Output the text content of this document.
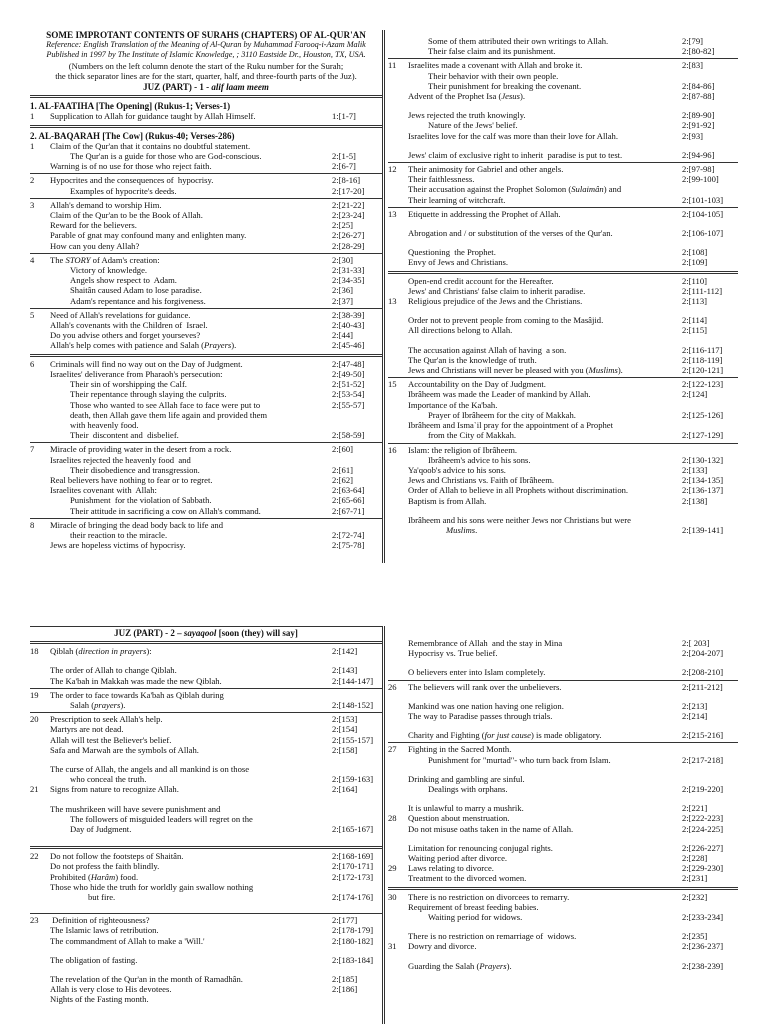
SOME IMPROTANT CONTENTS OF SURAHS (CHAPTERS) OF AL-QUR'AN
Reference: English Translation of the Meaning of Al-Quran by Muhammad Farooq-i-Azam Malik
Published in 1997 by The Institute of Islamic Knowledge, ; 3110 Eastside Dr., Houston, TX, USA.
(Numbers on the left column denote the start of the Ruku number for the Surah;
the thick separator lines are for the start, quarter, half, and three-fourth parts of the Juz).
JUZ (PART) - 1 - alif laam meem
1. AL-FAATIHA [The Opening] (Rukus-1; Verses-1)
1	Supplication to Allah for guidance taught by Allah Himself.	1:[1-7]
2. AL-BAQARAH [The Cow] (Rukus-40; Verses-286)
1	Claim of the Qur'an that it contains no doubtful statement.
The Qur'an is a guide for those who are God-conscious.	2:[1-5]
Warning is of no use for those who reject faith.	2:[6-7]
2	Hypocrites and the consequences of  hypocrisy.	2:[8-16]
Examples of hypocrite's deeds.	2:[17-20]
3	Allah's demand to worship Him.	2:[21-22]
Claim of the Qur'an to be the Book of Allah.	2:[23-24]
Reward for the believers.	2:[25]
Parable of gnat may confound many and enlighten many.	2:[26-27]
How can you deny Allah?	2:[28-29]
4	The STORY of Adam's creation:	2:[30]
Victory of knowledge.	2:[31-33]
Angels show respect to  Adam.	2:[34-35]
Shaitân caused Adam to lose paradise.	2:[36]
Adam's repentance and his forgiveness.	2:[37]
5	Need of Allah's revelations for guidance.	2:[38-39]
Allah's covenants with the Children of  Israel.	2:[40-43]
Do you advise others and forget yourseves?	2:[44]
Allah's help comes with patience and Salah (Prayers).	2:[45-46]
6	Criminals will find no way out on the Day of Judgment.	2:[47-48]
Israelites' deliverance from Pharaoh's persecution:	2:[49-50]
Their sin of worshipping the Calf.	2:[51-52]
Their repentance through slaying the culprits.	2:[53-54]
Those who wanted to see Allah face to face were put to
death, then Allah gave them life again and provided them
with heavenly food.
2:[55-57]
Their  discontent and  disbelief.	2:[58-59]
7	Miracle of providing water in the desert from a rock.	2:[60]
Israelites rejected the heavenly food  and
Their disobedience and transgression.	2:[61]
Real believers have nothing to fear or to regret.	2:[62]
Israelites covenant with  Allah:	2:[63-64]
Punishment  for the violation of Sabbath.	2:[65-66]
Their attitude in sacrificing a cow on Allah's command.	2:[67-71]
8	Miracle of bringing the dead body back to life and
their reaction to the miracle.	2:[72-74]
Jews are hopeless victims of hypocrisy.	2:[75-78]
Some of them attributed their own writings to Allah.	2:[79]
Their false claim and its punishment.	2:[80-82]
11	Israelites made a covenant with Allah and broke it.	2:[83]
Their behavior with their own people.
Their punishment for breaking the covenant.	2:[84-86]
Advent of the Prophet Isa (Jesus).	2:[87-88]
Jews rejected the truth knowingly.	2:[89-90]
Nature of the Jews' belief.	2:[91-92]
Israelites love for the calf was more than their love for Allah.	2:[93]
Jews' claim of exclusive right to inherit  paradise is put to test.	2:[94-96]
12	Their animosity for Gabriel and other angels.	2:[97-98]
Their faithlessness.	2:[99-100]
Their accusation against the Prophet Solomon (Sulaimân) and
Their learning of witchcraft.	2:[101-103]
13	Etiquette in addressing the Prophet of Allah.	2:[104-105]
Abrogation and / or substitution of the verses of the Qur'an.	2:[106-107]
Questioning  the Prophet.	2:[108]
Envy of Jews and Christians.	2:[109]
Open-end credit account for the Hereafter.	2:[110]
Jews' and Christians' false claim to inherit paradise.	2:[111-112]
13	Religious prejudice of the Jews and the Christians.	2:[113]
Order not to prevent people from coming to the Masâjid.	2:[114]
All directions belong to Allah.	2:[115]
The accusation against Allah of having  a son.	2:[116-117]
The Qur'an is the knowledge of truth.	2:[118-119]
Jews and Christians will never be pleased with you (Muslims).	2:[120-121]
15	Accountability on the Day of Judgment.	2:[122-123]
Ibrâheem was made the Leader of mankind by Allah.	2:[124]
Importance of the Ka'bah.
Prayer of Ibrâheem for the city of Makkah.	2:[125-126]
Ibrâheem and Isma`il pray for the appointment of a Prophet
from the City of Makkah.	2:[127-129]
16	Islam: the religion of Ibrâheem.
Ibrâheem's advice to his sons.	2:[130-132]
Ya'qoob's advice to his sons.	2:[133]
Jews and Christians vs. Faith of Ibrâheem.	2:[134-135]
Order of Allah to believe in all Prophets without discrimination.	2:[136-137]
Baptism is from Allah.	2:[138]
Ibrâheem and his sons were neither Jews nor Christians but were
Muslims.	2:[139-141]
JUZ (PART) - 2 – sayaqool [soon (they) will say]
18	Qiblah (direction in prayers):	2:[142]
The order of Allah to change Qiblah.	2:[143]
The Ka'bah in Makkah was made the new Qiblah.	2:[144-147]
19	The order to face towards Ka'bah as Qiblah during
Salah (prayers).	2:[148-152]
20	Prescription to seek Allah's help.	2:[153]
Martyrs are not dead.	2:[154]
Allah will test the Believer's belief.	2:[155-157]
Safa and Marwah are the symbols of Allah.	2:[158]
The curse of Allah, the angels and all mankind is on those
who conceal the truth.	2:[159-163]
21	Signs from nature to recognize Allah.	2:[164]
The mushrikeen will have severe punishment and
The followers of misguided leaders will regret on the
Day of Judgment.	2:[165-167]
22	Do not follow the footsteps of Shaitân.	2:[168-169]
Do not profess the faith blindly.	2:[170-171]
Prohibited (Harâm) food.	2:[172-173]
Those who hide the truth for worldly gain swallow nothing
but fire.	2:[174-176]
23	Definition of righteousness?	2:[177]
The Islamic laws of retribution.	2:[178-179]
The commandment of Allah to make a 'Will.'	2:[180-182]
The obligation of fasting.	2:[183-184]
The revelation of the Qur'an in the month of Ramadhân.	2:[185]
Allah is very close to His devotees.	2:[186]
Nights of the Fasting month.
Remembrance of Allah  and the stay in Mina	2:[ 203]
Hypocrisy vs. True belief.	2:[204-207]
O believers enter into Islam completely.	2:[208-210]
26	The believers will rank over the unbelievers.	2:[211-212]
Mankind was one nation having one religion.	2:[213]
The way to Paradise passes through trials.	2:[214]
Charity and Fighting (for just cause) is made obligatory.	2:[215-216]
27	Fighting in the Sacred Month.
Punishment for "murtad"- who turn back from Islam.	2:[217-218]
Drinking and gambling are sinful.
Dealings with orphans.	2:[219-220]
It is unlawful to marry a mushrik.	2:[221]
28	Question about menstruation.	2:[222-223]
Do not misuse oaths taken in the name of Allah.	2:[224-225]
Limitation for renouncing conjugal rights.	2:[226-227]
Waiting period after divorce.	2:[228]
29	Laws relating to divorce.	2:[229-230]
Treatment to the divorced women.	2:[231]
30	There is no restriction on divorcees to remarry.	2:[232]
Requirement of breast feeding babies.
Waiting period for widows.	2:[233-234]
There is no restriction on remarriage of  widows.	2:[235]
31	Dowry and divorce.	2:[236-237]
Guarding the Salah (Prayers).	2:[238-239]
